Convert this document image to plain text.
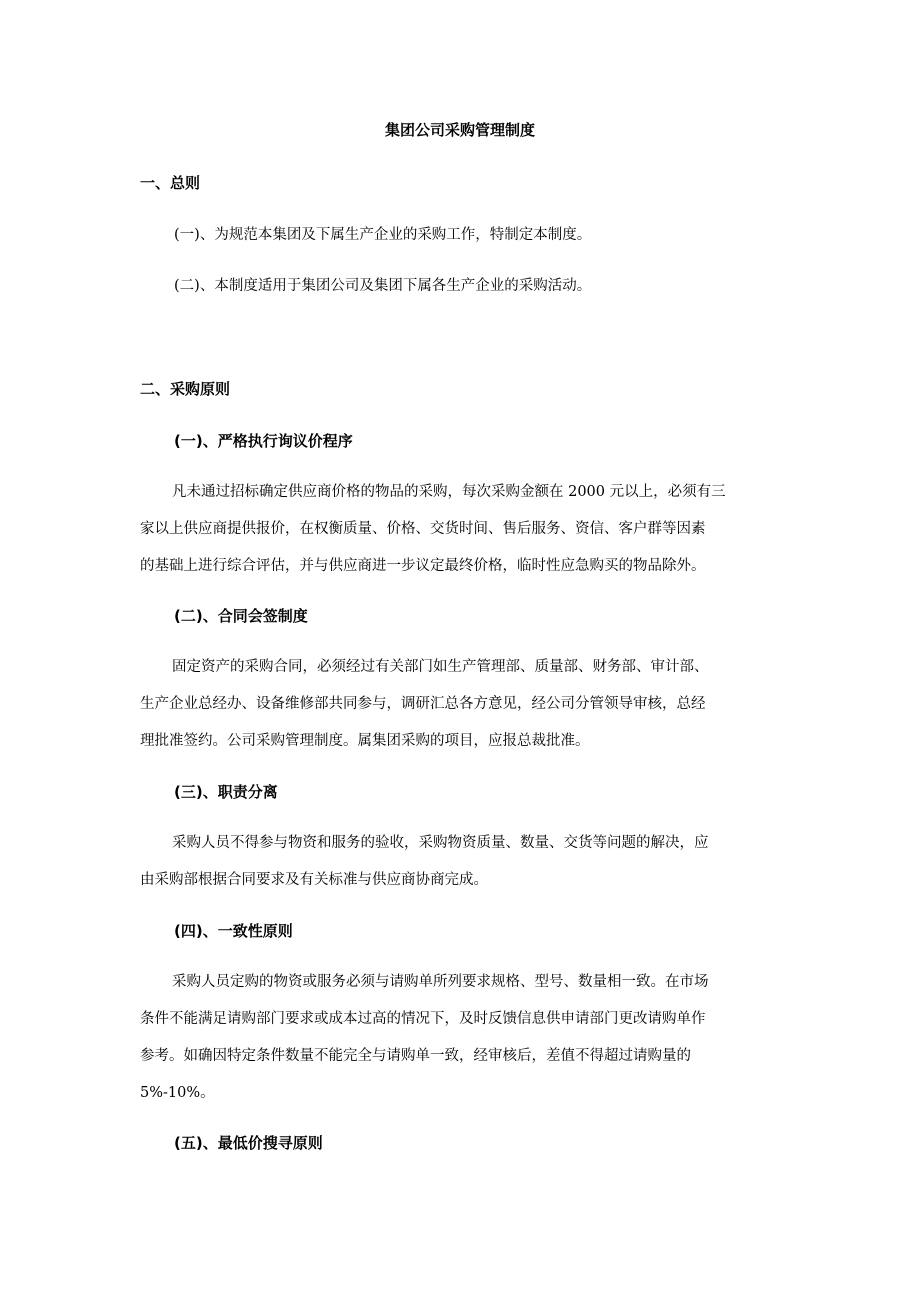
集团公司采购管理制度
一、总则
(一)、为规范本集团及下属生产企业的采购工作，特制定本制度。
(二)、本制度适用于集团公司及集团下属各生产企业的采购活动。
二、采购原则
(一)、严格执行询议价程序
凡未通过招标确定供应商价格的物品的采购，每次采购金额在 2000 元以上，必须有三
家以上供应商提供报价，在权衡质量、价格、交货时间、售后服务、资信、客户群等因素
的基础上进行综合评估，并与供应商进一步议定最终价格，临时性应急购买的物品除外。
(二)、合同会签制度
固定资产的采购合同，必须经过有关部门如生产管理部、质量部、财务部、审计部、
生产企业总经办、设备维修部共同参与，调研汇总各方意见，经公司分管领导审核，总经
理批准签约。公司采购管理制度。属集团采购的项目，应报总裁批准。
(三)、职责分离
采购人员不得参与物资和服务的验收，采购物资质量、数量、交货等问题的解决，应
由采购部根据合同要求及有关标准与供应商协商完成。
(四)、一致性原则
采购人员定购的物资或服务必须与请购单所列要求规格、型号、数量相一致。在市场
条件不能满足请购部门要求或成本过高的情况下，及时反馈信息供申请部门更改请购单作
参考。如确因特定条件数量不能完全与请购单一致，经审核后，差值不得超过请购量的
5%-10%。
(五)、最低价搜寻原则
